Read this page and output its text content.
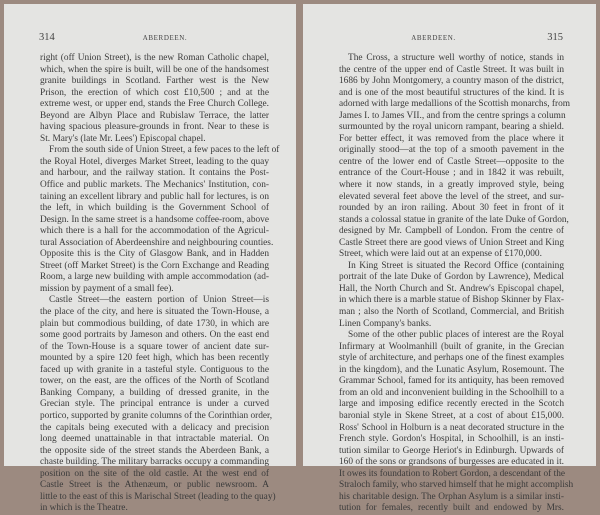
314	ABERDEEN.
right (off Union Street), is the new Roman Catholic chapel,
which, when the spire is built, will be one of the handsomest
granite buildings in Scotland. Farther west is the New
Prison, the erection of which cost £10,500 ; and at the
extreme west, or upper end, stands the Free Church College.
Beyond are Albyn Place and Rubislaw Terrace, the latter
having spacious pleasure-grounds in front. Near to these is
St. Mary's (late Mr. Lees') Episcopal chapel.
From the south side of Union Street, a few paces to the left of
the Royal Hotel, diverges Market Street, leading to the quay
and harbour, and the railway station. It contains the Post-
Office and public markets. The Mechanics' Institution, con-
taining an excellent library and public hall for lectures, is on
the left, in which building is the Government School of
Design. In the same street is a handsome coffee-room, above
which there is a hall for the accommodation of the Agricul-
tural Association of Aberdeenshire and neighbouring counties.
Opposite this is the City of Glasgow Bank, and in Hadden
Street (off Market Street) is the Corn Exchange and Reading
Room, a large new building with ample accommodation (ad-
mission by payment of a small fee).
Castle Street—the eastern portion of Union Street—is
the place of the city, and here is situated the Town-House, a
plain but commodious building, of date 1730, in which are
some good portraits by Jameson and others. On the east end
of the Town-House is a square tower of ancient date sur-
mounted by a spire 120 feet high, which has been recently
faced up with granite in a tasteful style. Contiguous to the
tower, on the east, are the offices of the North of Scotland
Banking Company, a building of dressed granite, in the
Grecian style. The principal entrance is under a curved
portico, supported by granite columns of the Corinthian order,
the capitals being executed with a delicacy and precision
long deemed unattainable in that intractable material. On
the opposite side of the street stands the Aberdeen Bank, a
chaste building. The military barracks occupy a commanding
position on the site of the old castle. At the west end of
Castle Street is the Athenæum, or public newsroom. A
little to the east of this is Marischal Street (leading to the quay)
in which is the Theatre.
ABERDEEN.	315
The Cross, a structure well worthy of notice, stands in
the centre of the upper end of Castle Street. It was built in
1686 by John Montgomery, a country mason of the district,
and is one of the most beautiful structures of the kind. It is
adorned with large medallions of the Scottish monarchs, from
James I. to James VII., and from the centre springs a column
surmounted by the royal unicorn rampant, bearing a shield.
For better effect, it was removed from the place where it
originally stood—at the top of a smooth pavement in the
centre of the lower end of Castle Street—opposite to the
entrance of the Court-House ; and in 1842 it was rebuilt,
where it now stands, in a greatly improved style, being
elevated several feet above the level of the street, and sur-
rounded by an iron railing. About 30 feet in front of it
stands a colossal statue in granite of the late Duke of Gordon,
designed by Mr. Campbell of London. From the centre of
Castle Street there are good views of Union Street and King
Street, which were laid out at an expense of £170,000.
In King Street is situated the Record Office (containing
portrait of the late Duke of Gordon by Lawrence), Medical
Hall, the North Church and St. Andrew's Episcopal chapel,
in which there is a marble statue of Bishop Skinner by Flax-
man ; also the North of Scotland, Commercial, and British
Linen Company's banks.
Some of the other public places of interest are the Royal
Infirmary at Woolmanhill (built of granite, in the Grecian
style of architecture, and perhaps one of the finest examples
in the kingdom), and the Lunatic Asylum, Rosemount. The
Grammar School, famed for its antiquity, has been removed
from an old and inconvenient building in the Schoolhill to a
large and imposing edifice recently erected in the Scotch
baronial style in Skene Street, at a cost of about £15,000.
Ross' School in Holburn is a neat decorated structure in the
French style. Gordon's Hospital, in Schoolhill, is an insti-
tution similar to George Heriot's in Edinburgh. Upwards of
160 of the sons or grandsons of burgesses are educated in it.
It owes its foundation to Robert Gordon, a descendant of the
Straloch family, who starved himself that he might accomplish
his charitable design. The Orphan Asylum is a similar insti-
tution for females, recently built and endowed by Mrs.
